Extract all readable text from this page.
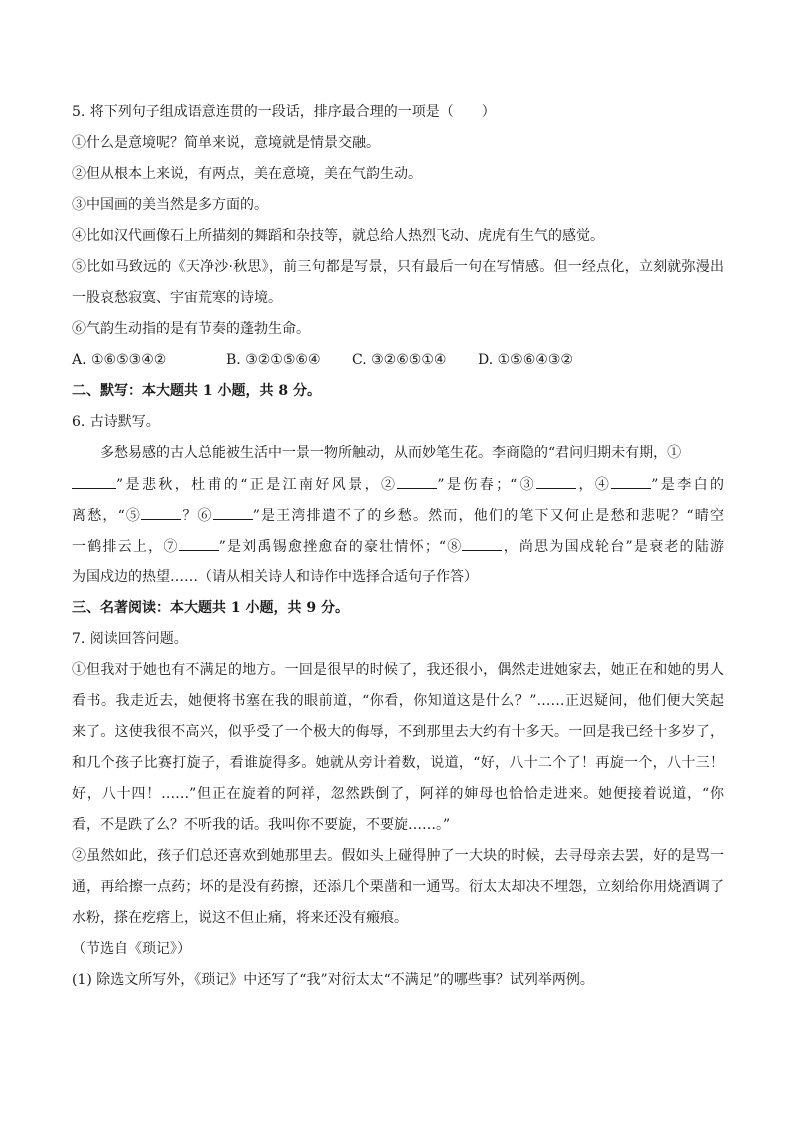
5. 将下列句子组成语意连贯的一段话，排序最合理的一项是（　　）
①什么是意境呢？简单来说，意境就是情景交融。
②但从根本上来说，有两点，美在意境，美在气韵生动。
③中国画的美当然是多方面的。
④比如汉代画像石上所描刻的舞蹈和杂技等，就总给人热烈飞动、虎虎有生气的感觉。
⑤比如马致远的《天净沙·秋思》，前三句都是写景，只有最后一句在写情感。但一经点化，立刻就弥漫出
一股哀愁寂寞、宇宙荒寒的诗境。
⑥气韵生动指的是有节奏的蓬勃生命。
A. ①⑥⑤③④②	B. ③②①⑤⑥④ C. ③②⑥⑤①④ D. ①⑤⑥④③②
二、默写：本大题共 1 小题，共 8 分。
6. 古诗默写。
多愁易感的古人总能被生活中一景一物所触动，从而妙笔生花。李商隐的“君问归期未有期，①
”是悲秋，杜甫的“正是江南好风景，②	”是伤春；“③	，④	”是李白的
离愁，“⑤	？⑥	”是王湾排遣不了的乡愁。然而，他们的笔下又何止是愁和悲呢？“晴空
一鹤排云上，⑦	”是刘禹锡愈挫愈奋的豪壮情怀；“⑧	，尚思为国戍轮台”是衰老的陆游
为国戍边的热望……（请从相关诗人和诗作中选择合适句子作答）
三、名著阅读：本大题共 1 小题，共 9 分。
7. 阅读回答问题。
①但我对于她也有不满足的地方。一回是很早的时候了，我还很小，偶然走进她家去，她正在和她的男人
看书。我走近去，她便将书塞在我的眼前道，“你看，你知道这是什么？”……正迟疑间，他们便大笑起
来了。这使我很不高兴，似乎受了一个极大的侮辱，不到那里去大约有十多天。一回是我已经十多岁了，
和几个孩子比赛打旋子，看谁旋得多。她就从旁计着数，说道，“好，八十二个了！再旋一个，八十三！
好，八十四！……”但正在旋着的阿祥，忽然跌倒了，阿祥的婶母也恰恰走进来。她便接着说道，“你
看，不是跌了么？不听我的话。我叫你不要旋，不要旋……。”
②虽然如此，孩子们总还喜欢到她那里去。假如头上碰得肿了一大块的时候，去寻母亲去罢，好的是骂一
通，再给擦一点药；坏的是没有药擦，还添几个栗凿和一通骂。衍太太却决不埋怨，立刻给你用烧酒调了
水粉，搽在疙瘩上，说这不但止痛，将来还没有瘢痕。
（节选自《琐记》）
(1) 除选文所写外，《琐记》中还写了“我”对衍太太“不满足”的哪些事？试列举两例。
